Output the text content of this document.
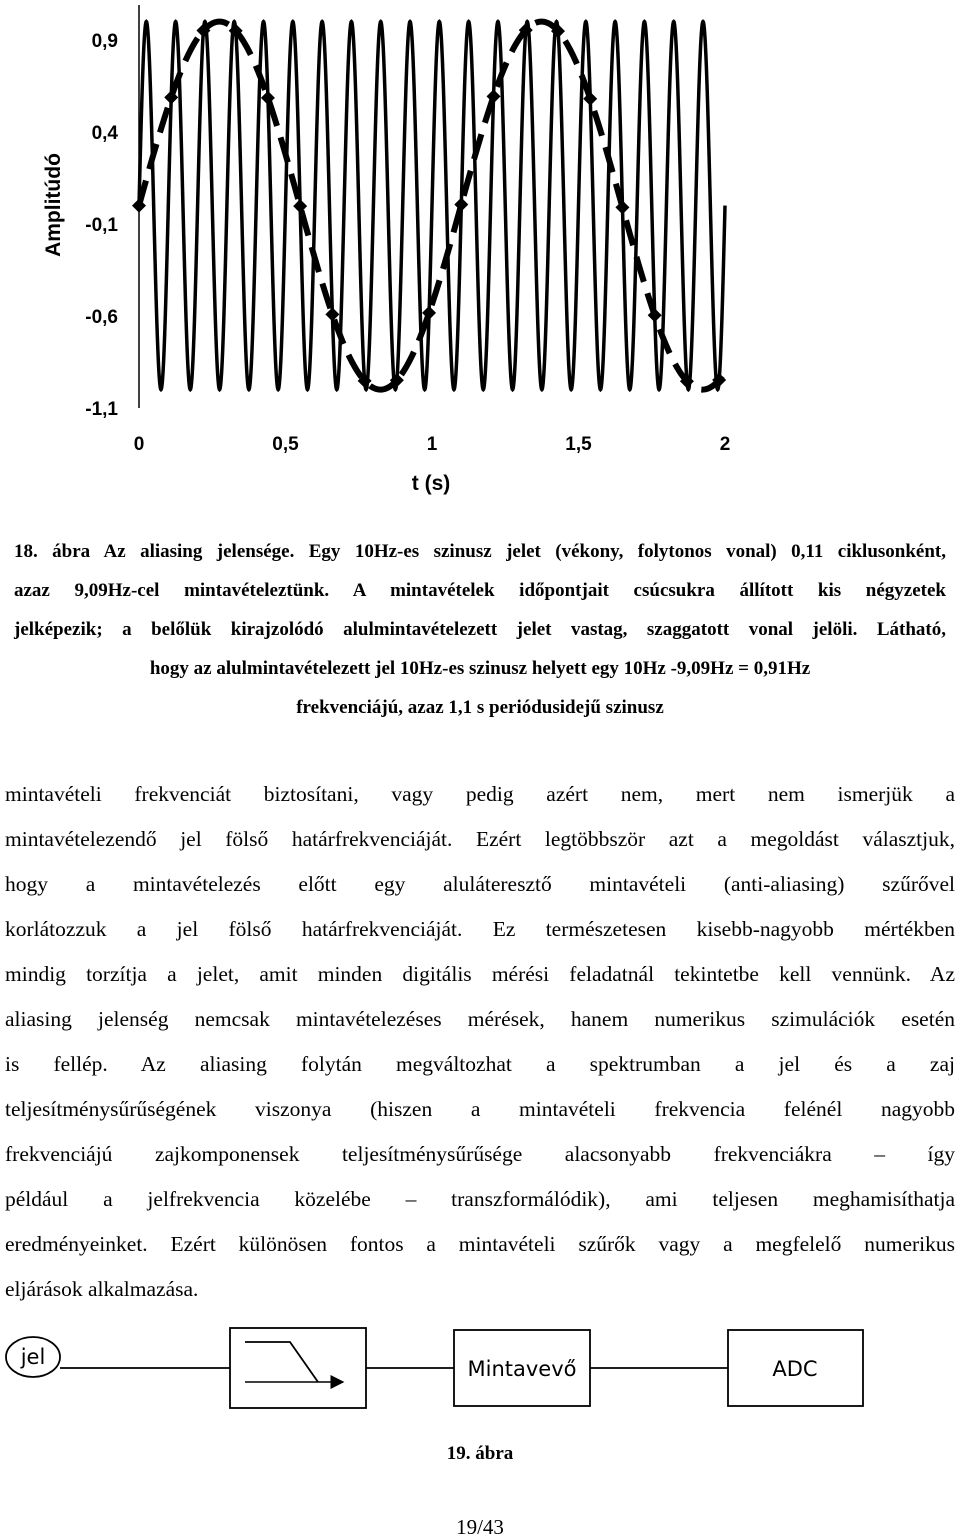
0,9
0,4
-0,1
-0,6
-1,1
0	0,5	1	1,5	2
Amplitúdó
t (s)
18. ábra Az aliasing jelensége. Egy 10Hz-es szinusz jelet (vékony, folytonos vonal) 0,11 ciklusonként,
azaz 9,09Hz-cel mintavételeztünk. A mintavételek időpontjait csúcsukra állított kis négyzetek
jelképezik; a belőlük kirajzolódó alulmintavételezett jelet vastag, szaggatott vonal jelöli. Látható,
hogy az alulmintavételezett jel 10Hz-es szinusz helyett egy 10Hz -9,09Hz = 0,91Hz
frekvenciájú, azaz 1,1 s periódusidejű szinusz
mintavételi frekvenciát biztosítani, vagy pedig azért nem, mert nem ismerjük a
mintavételezendő jel fölső határfrekvenciáját. Ezért legtöbbször azt a megoldást választjuk,
hogy a mintavételezés előtt egy aluláteresztő mintavételi (anti-aliasing) szűrővel
korlátozzuk a jel fölső határfrekvenciáját. Ez természetesen kisebb-nagyobb mértékben
mindig torzítja a jelet, amit minden digitális mérési feladatnál tekintetbe kell vennünk. Az
aliasing jelenség nemcsak mintavételezéses mérések, hanem numerikus szimulációk esetén
is fellép. Az aliasing folytán megváltozhat a spektrumban a jel és a zaj
teljesítménysűrűségének viszonya (hiszen a mintavételi frekvencia felénél nagyobb
frekvenciájú zajkomponensek teljesítménysűrűsége alacsonyabb frekvenciákra – így
például a jelfrekvencia közelébe – transzformálódik), ami teljesen meghamisíthatja
eredményeinket. Ezért különösen fontos a mintavételi szűrők vagy a megfelelő numerikus
eljárások alkalmazása.
jel	Mintavevő	ADC
19. ábra
19/43
